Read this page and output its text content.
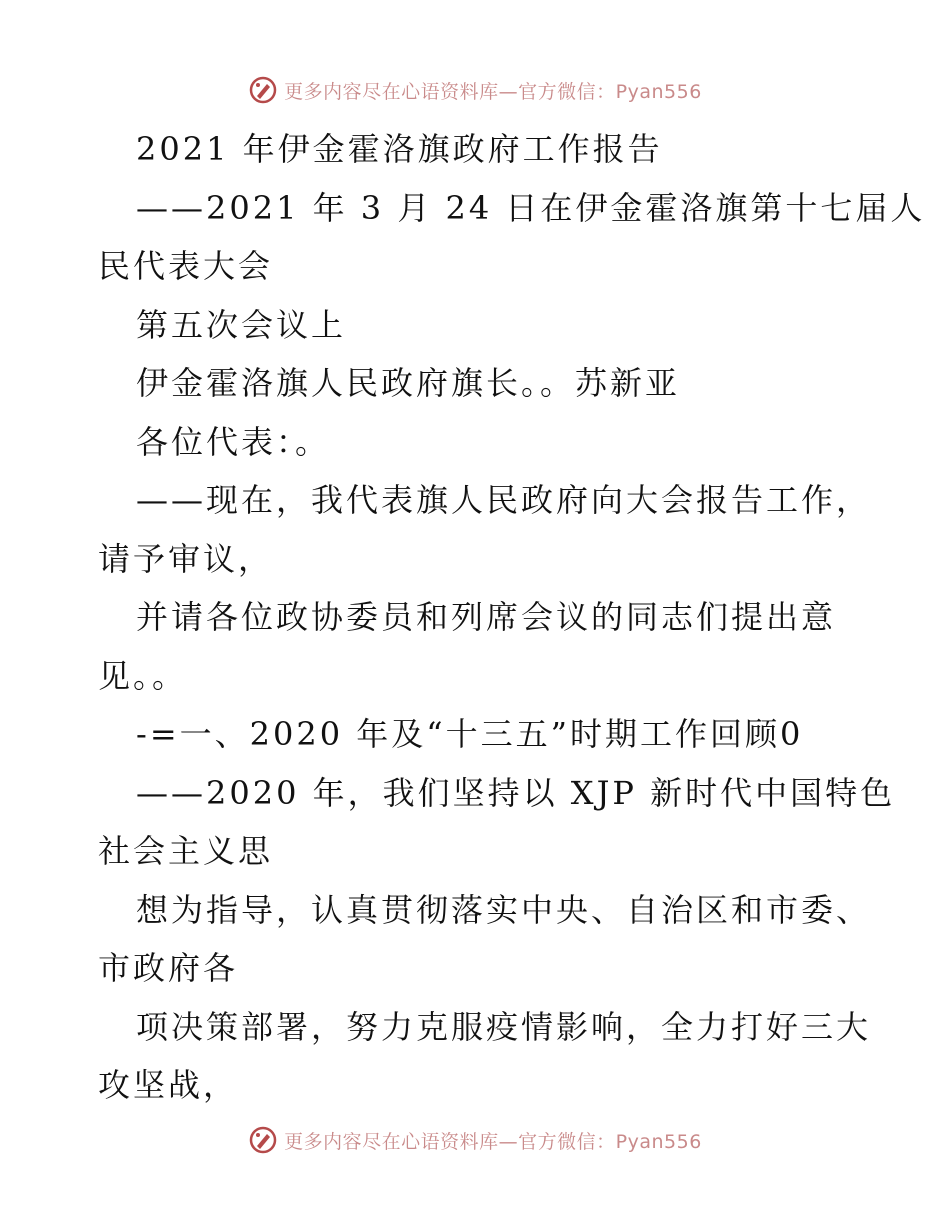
更多内容尽在心语资料库—官方微信：Pyan556
2021 年伊金霍洛旗政府工作报告
——2021 年 3 月 24 日在伊金霍洛旗第十七届人
民代表大会
第五次会议上
伊金霍洛旗人民政府旗长。。苏新亚
各位代表：。
——现在，我代表旗人民政府向大会报告工作，
请予审议，
并请各位政协委员和列席会议的同志们提出意
见。。
-=一、2020 年及“十三五”时期工作回顾0
——2020 年，我们坚持以 XJP 新时代中国特色
社会主义思
想为指导，认真贯彻落实中央、自治区和市委、
市政府各
项决策部署，努力克服疫情影响，全力打好三大
攻坚战，
更多内容尽在心语资料库—官方微信：Pyan556
